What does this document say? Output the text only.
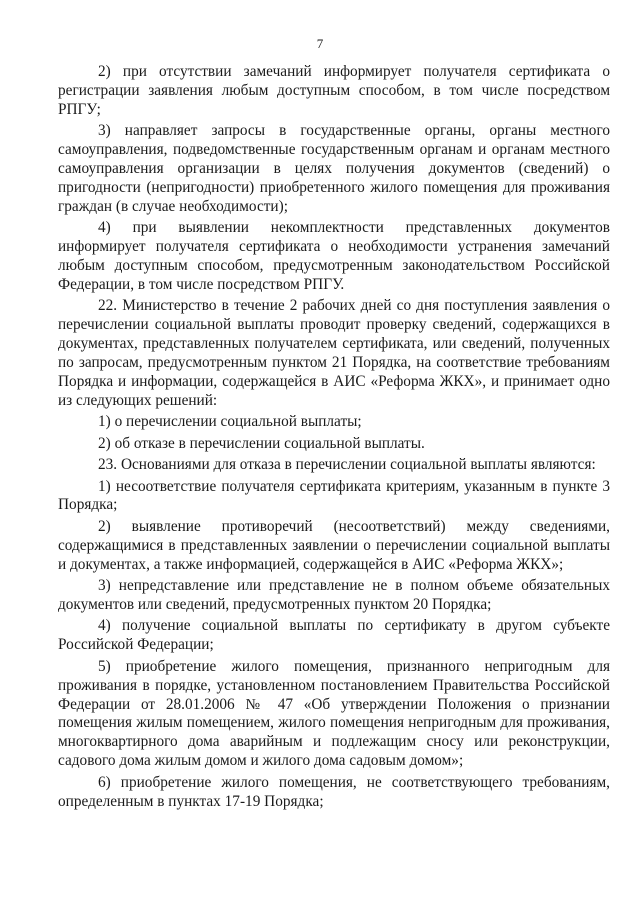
7

2) при отсутствии замечаний информирует получателя сертификата о регистрации заявления любым доступным способом, в том числе посредством РПГУ;

3) направляет запросы в государственные органы, органы местного самоуправления, подведомственные государственным органам и органам местного самоуправления организации в целях получения документов (сведений) о пригодности (непригодности) приобретенного жилого помещения для проживания граждан (в случае необходимости);

4) при выявлении некомплектности представленных документов информирует получателя сертификата о необходимости устранения замечаний любым доступным способом, предусмотренным законодательством Российской Федерации, в том числе посредством РПГУ.

22. Министерство в течение 2 рабочих дней со дня поступления заявления о перечислении социальной выплаты проводит проверку сведений, содержащихся в документах, представленных получателем сертификата, или сведений, полученных по запросам, предусмотренным пунктом 21 Порядка, на соответствие требованиям Порядка и информации, содержащейся в АИС «Реформа ЖКХ», и принимает одно из следующих решений:

1) о перечислении социальной выплаты;

2) об отказе в перечислении социальной выплаты.

23. Основаниями для отказа в перечислении социальной выплаты являются:

1) несоответствие получателя сертификата критериям, указанным в пункте 3 Порядка;

2) выявление противоречий (несоответствий) между сведениями, содержащимися в представленных заявлении о перечислении социальной выплаты и документах, а также информацией, содержащейся в АИС «Реформа ЖКХ»;

3) непредставление или представление не в полном объеме обязательных документов или сведений, предусмотренных пунктом 20 Порядка;

4) получение социальной выплаты по сертификату в другом субъекте Российской Федерации;

5) приобретение жилого помещения, признанного непригодным для проживания в порядке, установленном постановлением Правительства Российской Федерации от 28.01.2006 № 47 «Об утверждении Положения о признании помещения жилым помещением, жилого помещения непригодным для проживания, многоквартирного дома аварийным и подлежащим сносу или реконструкции, садового дома жилым домом и жилого дома садовым домом»;

6) приобретение жилого помещения, не соответствующего требованиям, определенным в пунктах 17-19 Порядка;
